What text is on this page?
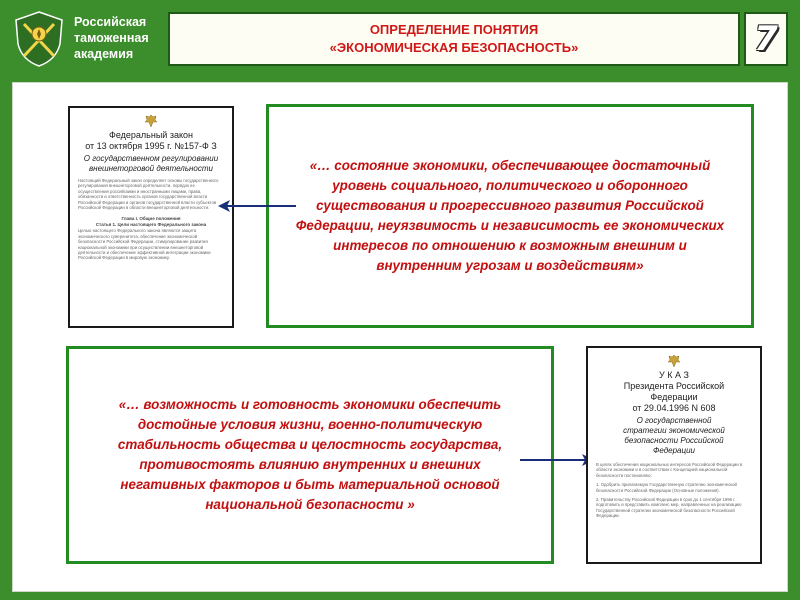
Российская
таможенная
академия
ОПРЕДЕЛЕНИЕ ПОНЯТИЯ
«ЭКОНОМИЧЕСКАЯ БЕЗОПАСНОСТЬ»	7
Федеральный закон
от 13 октября 1995 г. №157-Ф З
О государственном регулировании
внешнеторговой деятельности
Настоящий Федеральный закон определяет основы государственного регулирования внешнеторговой деятельности, порядок ее осуществления российскими и иностранными лицами, права, обязанности и ответственность органов государственной власти Российской Федерации и органов государственной власти субъектов Российской Федерации в области внешнеторговой деятельности.
Глава I. Общие положения
Статья 1. Цели настоящего Федерального закона
Целью настоящего Федерального закона являются защита экономического суверенитета, обеспечение экономической безопасности Российской Федерации, стимулирование развития национальной экономики при осуществлении внешнеторговой деятельности и обеспечение эффективной интеграции экономики Российской Федерации в мировую экономику.
«… состояние экономики, обеспечивающее достаточный уровень социального, политического и оборонного существования и прогрессивного развития Российской Федерации, неуязвимость и независимость ее экономических интересов по отношению к возможным внешним и внутренним угрозам и воздействиям»
«… возможность и готовность экономики обеспечить достойные условия жизни, военно-политическую стабильность общества и целостность государства, противостоять влиянию внутренних и внешних негативных факторов и быть материальной основой национальной безопасности »
У К А З
Президента Российской
Федерации
от 29.04.1996 N 608
О государственной
стратегии экономической
безопасности Российской
Федерации
В целях обеспечения национальных интересов Российской Федерации в области экономики и в соответствии с Концепцией национальной безопасности постановляю:
1. Одобрить прилагаемую Государственную стратегию экономической безопасности Российской Федерации (Основные положения).
2. Правительству Российской Федерации в срок до 1 сентября 1996 г. подготовить и представить комплекс мер, направленных на реализацию Государственной стратегии экономической безопасности Российской Федерации.
